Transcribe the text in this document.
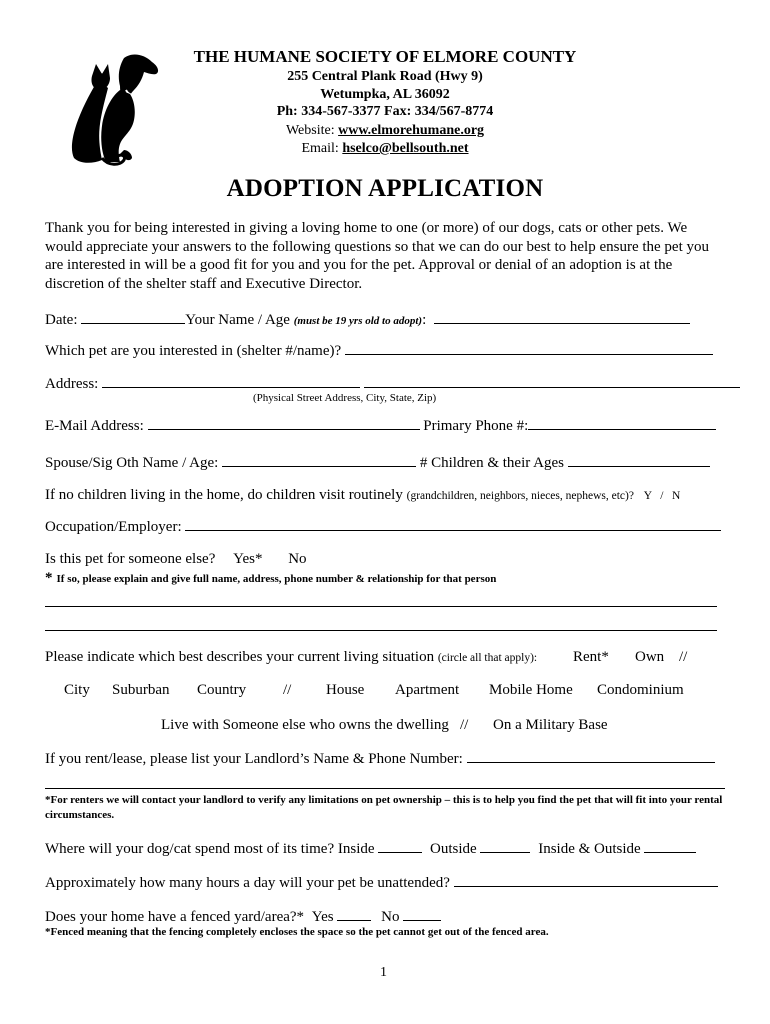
THE HUMANE SOCIETY OF ELMORE COUNTY
255 Central Plank Road (Hwy 9)
Wetumpka, AL 36092
Ph: 334-567-3377 Fax: 334/567-8774
Website: www.elmorehumane.org
Email: hselco@bellsouth.net
ADOPTION APPLICATION
Thank you for being interested in giving a loving home to one (or more) of our dogs, cats or other pets. We would appreciate your answers to the following questions so that we can do our best to help ensure the pet you are interested in will be a good fit for you and you for the pet. Approval or denial of an adoption is at the discretion of the shelter staff and Executive Director.
Date:	Your Name / Age (must be 19 yrs old to adopt):
Which pet are you interested in (shelter #/name)?
Address:
(Physical Street Address, City, State, Zip)
E-Mail Address:	Primary Phone #:
Spouse/Sig Oth Name / Age:	# Children & their Ages
If no children living in the home, do children visit routinely (grandchildren, neighbors, nieces, nephews, etc)? Y   /   N
Occupation/Employer:
Is this pet for someone else? Yes* No
* If so, please explain and give full name, address, phone number & relationship for that person
Please indicate which best describes your current living situation (circle all that apply): Rent* Own //
City Suburban Country // House Apartment Mobile Home Condominium
Live with Someone else who owns the dwelling // On a Military Base
If you rent/lease, please list your Landlord’s Name & Phone Number:
*For renters we will contact your landlord to verify any limitations on pet ownership – this is to help you find the pet that will fit into your rental circumstances.
Where will your dog/cat spend most of its time? Inside	Outside	Inside & Outside
Approximately how many hours a day will your pet be unattended?
Does your home have a fenced yard/area?* Yes	No
*Fenced meaning that the fencing completely encloses the space so the pet cannot get out of the fenced area.
1
